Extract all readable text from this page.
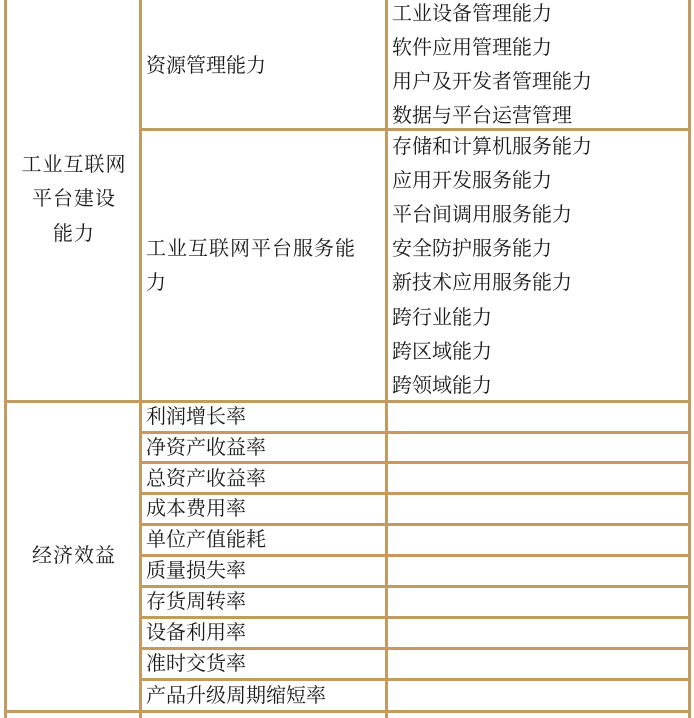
工业互联网
平台建设
能力
经济效益
资源管理能力
工业互联网平台服务能
力
利润增长率
净资产收益率
总资产收益率
成本费用率
单位产值能耗
质量损失率
存货周转率
设备利用率
准时交货率
产品升级周期缩短率
工业设备管理能力
软件应用管理能力
用户及开发者管理能力
数据与平台运营管理
存储和计算机服务能力
应用开发服务能力
平台间调用服务能力
安全防护服务能力
新技术应用服务能力
跨行业能力
跨区域能力
跨领域能力
